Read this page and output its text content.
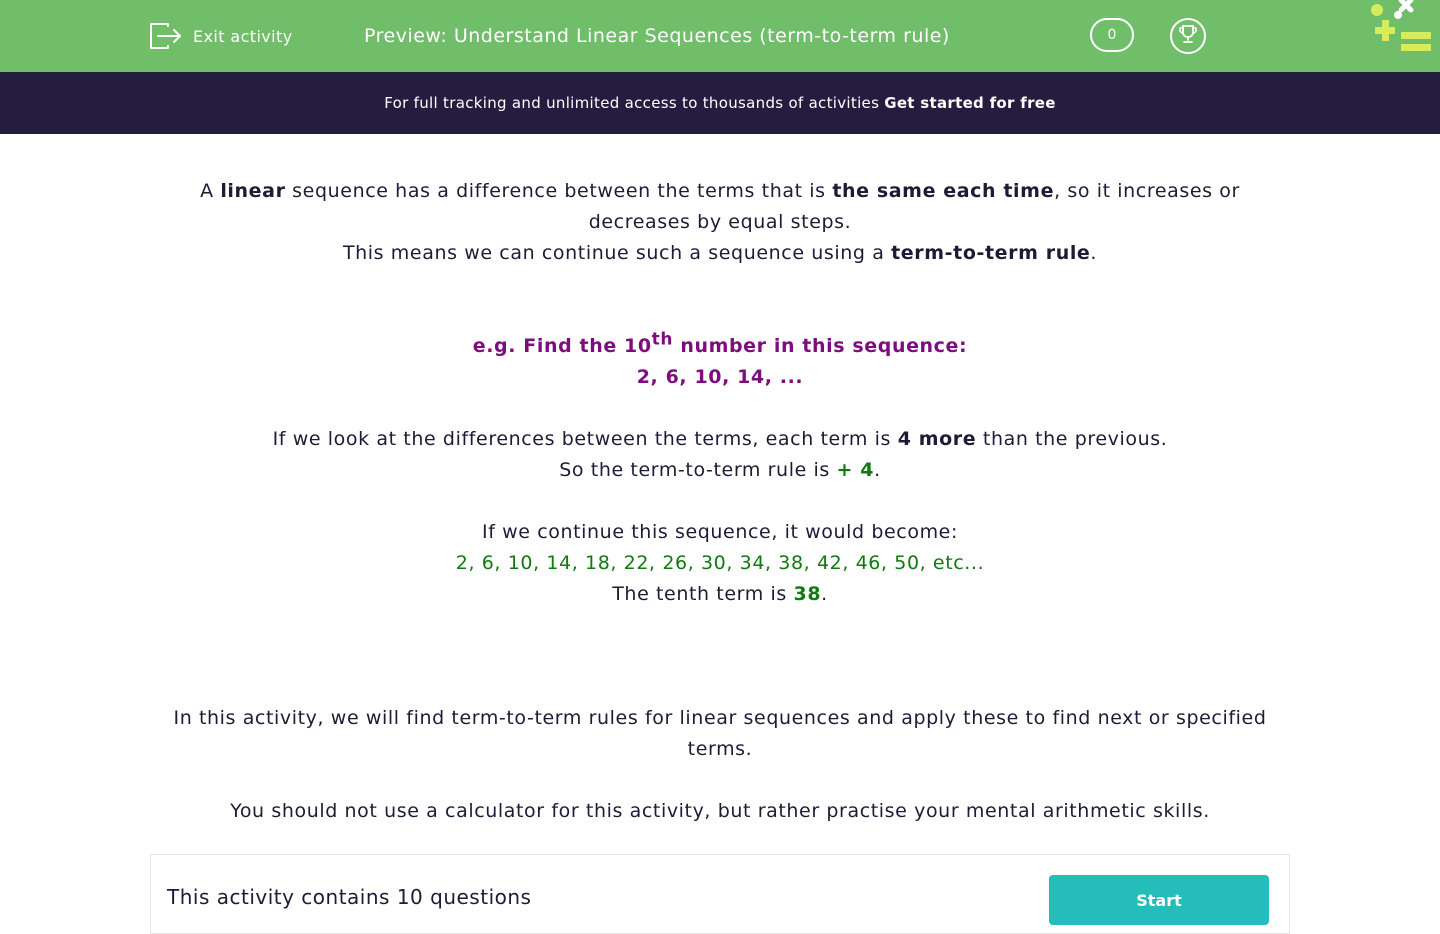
Exit activity	Preview: Understand Linear Sequences (term-to-term rule)	0
For full tracking and unlimited access to thousands of activities Get started for free

A linear sequence has a difference between the terms that is the same each time, so it increases or decreases by equal steps.

This means we can continue such a sequence using a term-to-term rule.

e.g. Find the 10th number in this sequence:

2, 6, 10, 14, ...

If we look at the differences between the terms, each term is 4 more than the previous.

So the term-to-term rule is + 4.

If we continue this sequence, it would become:

2, 6, 10, 14, 18, 22, 26, 30, 34, 38, 42, 46, 50, etc...

The tenth term is 38.

In this activity, we will find term-to-term rules for linear sequences and apply these to find next or specified terms.

You should not use a calculator for this activity, but rather practise your mental arithmetic skills.

This activity contains 10 questions	Start
